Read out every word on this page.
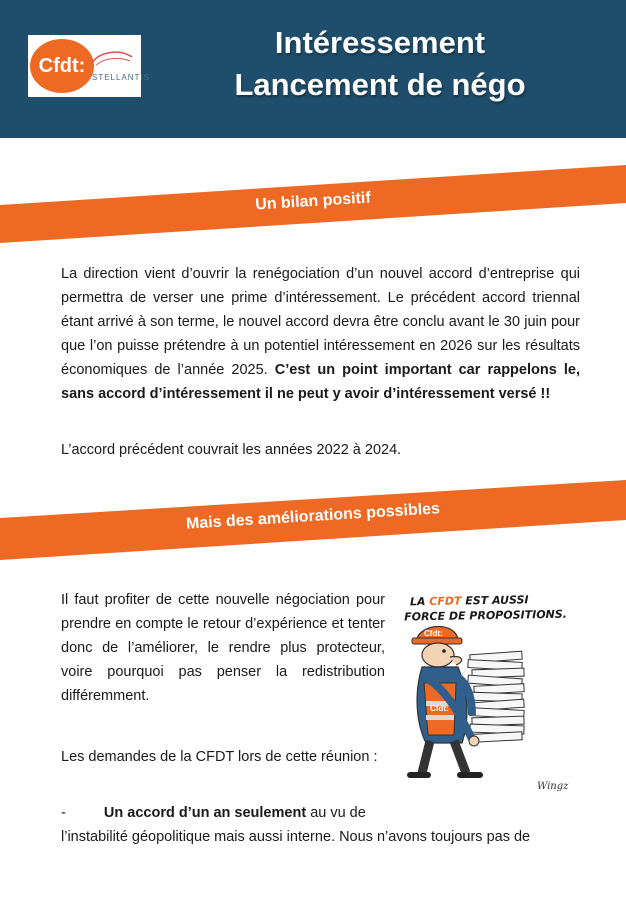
Cfdt:
STELLANTIS
Intéressement
Lancement de négo
Un bilan positif
La direction vient d’ouvrir la renégociation d’un nouvel accord d’entreprise qui permettra de verser une prime d’intéressement. Le précédent accord triennal étant arrivé à son terme, le nouvel accord devra être conclu avant le 30 juin pour que l’on puisse prétendre à un potentiel intéressement en 2026 sur les résultats économiques de l’année 2025. C’est un point important car rappelons le, sans accord d’intéressement il ne peut y avoir d’intéressement versé !!
L’accord précédent couvrait les années 2022 à 2024.
Mais des améliorations possibles
Il faut profiter de cette nouvelle négociation pour prendre en compte le retour d’expérience et tenter donc de l’améliorer, le rendre plus protecteur, voire pourquoi pas penser la redistribution différemment.
Les demandes de la CFDT lors de cette réunion :
-	Un accord d’un an seulement au vu de
l’instabilité géopolitique mais aussi interne. Nous n’avons toujours pas de
LA CFDT EST AUSSI
FORCE DE PROPOSITIONS.
Cfdt:
Cfdt:
Wingz
